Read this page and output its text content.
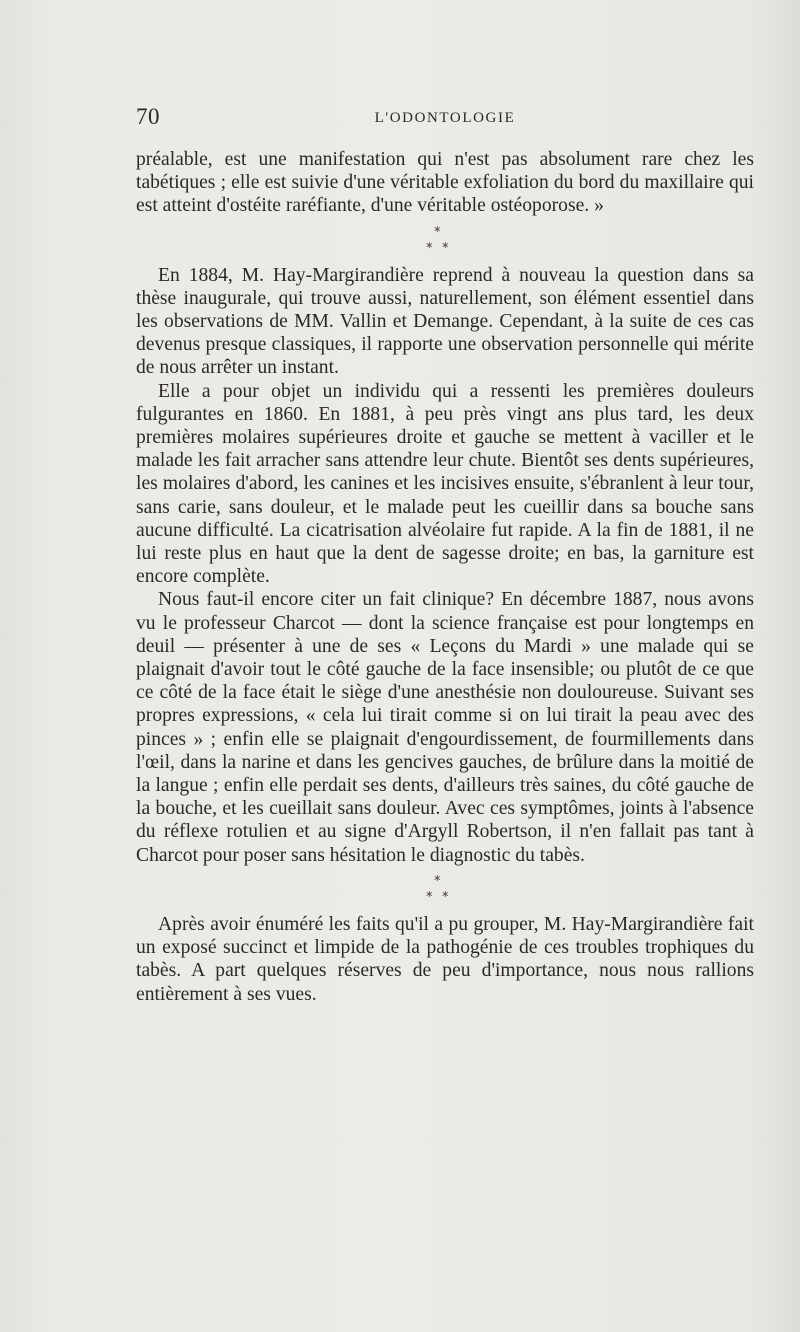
70	L'ODONTOLOGIE

préalable, est une manifestation qui n'est pas absolument rare chez les tabétiques ; elle est suivie d'une véritable exfoliation du bord du maxillaire qui est atteint d'ostéite raréfiante, d'une véritable ostéoporose. »

*
* *

En 1884, M. Hay-Margirandière reprend à nouveau la question dans sa thèse inaugurale, qui trouve aussi, naturellement, son élément essentiel dans les observations de MM. Vallin et Demange. Cependant, à la suite de ces cas devenus presque classiques, il rapporte une observation personnelle qui mérite de nous arrêter un instant.

Elle a pour objet un individu qui a ressenti les premières douleurs fulgurantes en 1860. En 1881, à peu près vingt ans plus tard, les deux premières molaires supérieures droite et gauche se mettent à vaciller et le malade les fait arracher sans attendre leur chute. Bientôt ses dents supérieures, les molaires d'abord, les canines et les incisives ensuite, s'ébranlent à leur tour, sans carie, sans douleur, et le malade peut les cueillir dans sa bouche sans aucune difficulté. La cicatrisation alvéolaire fut rapide. A la fin de 1881, il ne lui reste plus en haut que la dent de sagesse droite; en bas, la garniture est encore complète.

Nous faut-il encore citer un fait clinique? En décembre 1887, nous avons vu le professeur Charcot — dont la science française est pour longtemps en deuil — présenter à une de ses « Leçons du Mardi » une malade qui se plaignait d'avoir tout le côté gauche de la face insensible; ou plutôt de ce que ce côté de la face était le siège d'une anesthésie non douloureuse. Suivant ses propres expressions, « cela lui tirait comme si on lui tirait la peau avec des pinces » ; enfin elle se plaignait d'engourdissement, de fourmillements dans l'œil, dans la narine et dans les gencives gauches, de brûlure dans la moitié de la langue ; enfin elle perdait ses dents, d'ailleurs très saines, du côté gauche de la bouche, et les cueillait sans douleur. Avec ces symptômes, joints à l'absence du réflexe rotulien et au signe d'Argyll Robertson, il n'en fallait pas tant à Charcot pour poser sans hésitation le diagnostic du tabès.

*
* *

Après avoir énuméré les faits qu'il a pu grouper, M. Hay-Margirandière fait un exposé succinct et limpide de la pathogénie de ces troubles trophiques du tabès. A part quelques réserves de peu d'importance, nous nous rallions entièrement à ses vues.
